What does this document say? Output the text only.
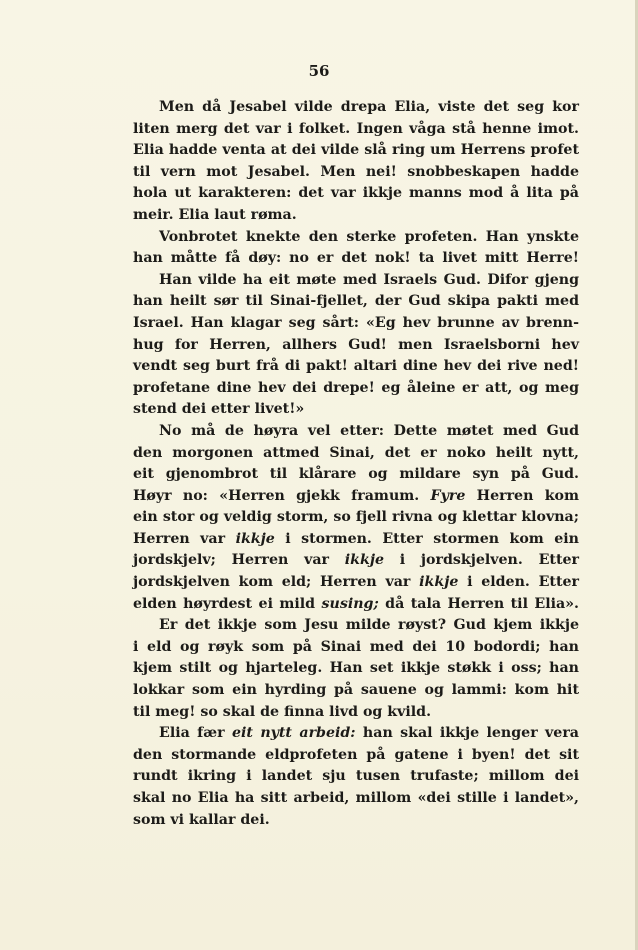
56
Men då Jesabel vilde drepa Elia, viste det seg kor
liten merg det var i folket. Ingen våga stå henne imot.
Elia hadde venta at dei vilde slå ring um Herrens profet
til vern mot Jesabel. Men nei! snobbeskapen hadde
hola ut karakteren: det var ikkje manns mod å lita på
meir. Elia laut røma.
Vonbrotet knekte den sterke profeten. Han ynskte
han måtte få døy: no er det nok! ta livet mitt Herre!
Han vilde ha eit møte med Israels Gud. Difor gjeng
han heilt sør til Sinai-fjellet, der Gud skipa pakti med
Israel. Han klagar seg sårt: «Eg hev brunne av brenn-
hug for Herren, allhers Gud! men Israelsborni hev
vendt seg burt frå di pakt! altari dine hev dei rive ned!
profetane dine hev dei drepe! eg åleine er att, og meg
stend dei etter livet!»
No må de høyra vel etter: Dette møtet med Gud
den morgonen attmed Sinai, det er noko heilt nytt,
eit gjenombrot til klårare og mildare syn på Gud.
Høyr no: «Herren gjekk framum. Fyre Herren kom
ein stor og veldig storm, so fjell rivna og klettar klovna;
Herren var ikkje i stormen. Etter stormen kom ein
jordskjelv; Herren var ikkje i jordskjelven. Etter
jordskjelven kom eld; Herren var ikkje i elden. Etter
elden høyrdest ei mild susing; då tala Herren til Elia».
Er det ikkje som Jesu milde røyst? Gud kjem ikkje
i eld og røyk som på Sinai med dei 10 bodordi; han
kjem stilt og hjarteleg. Han set ikkje støkk i oss; han
lokkar som ein hyrding på sauene og lammi: kom hit
til meg! so skal de finna livd og kvild.
Elia fær eit nytt arbeid: han skal ikkje lenger vera
den stormande eldprofeten på gatene i byen! det sit
rundt ikring i landet sju tusen trufaste; millom dei
skal no Elia ha sitt arbeid, millom «dei stille i landet»,
som vi kallar dei.
